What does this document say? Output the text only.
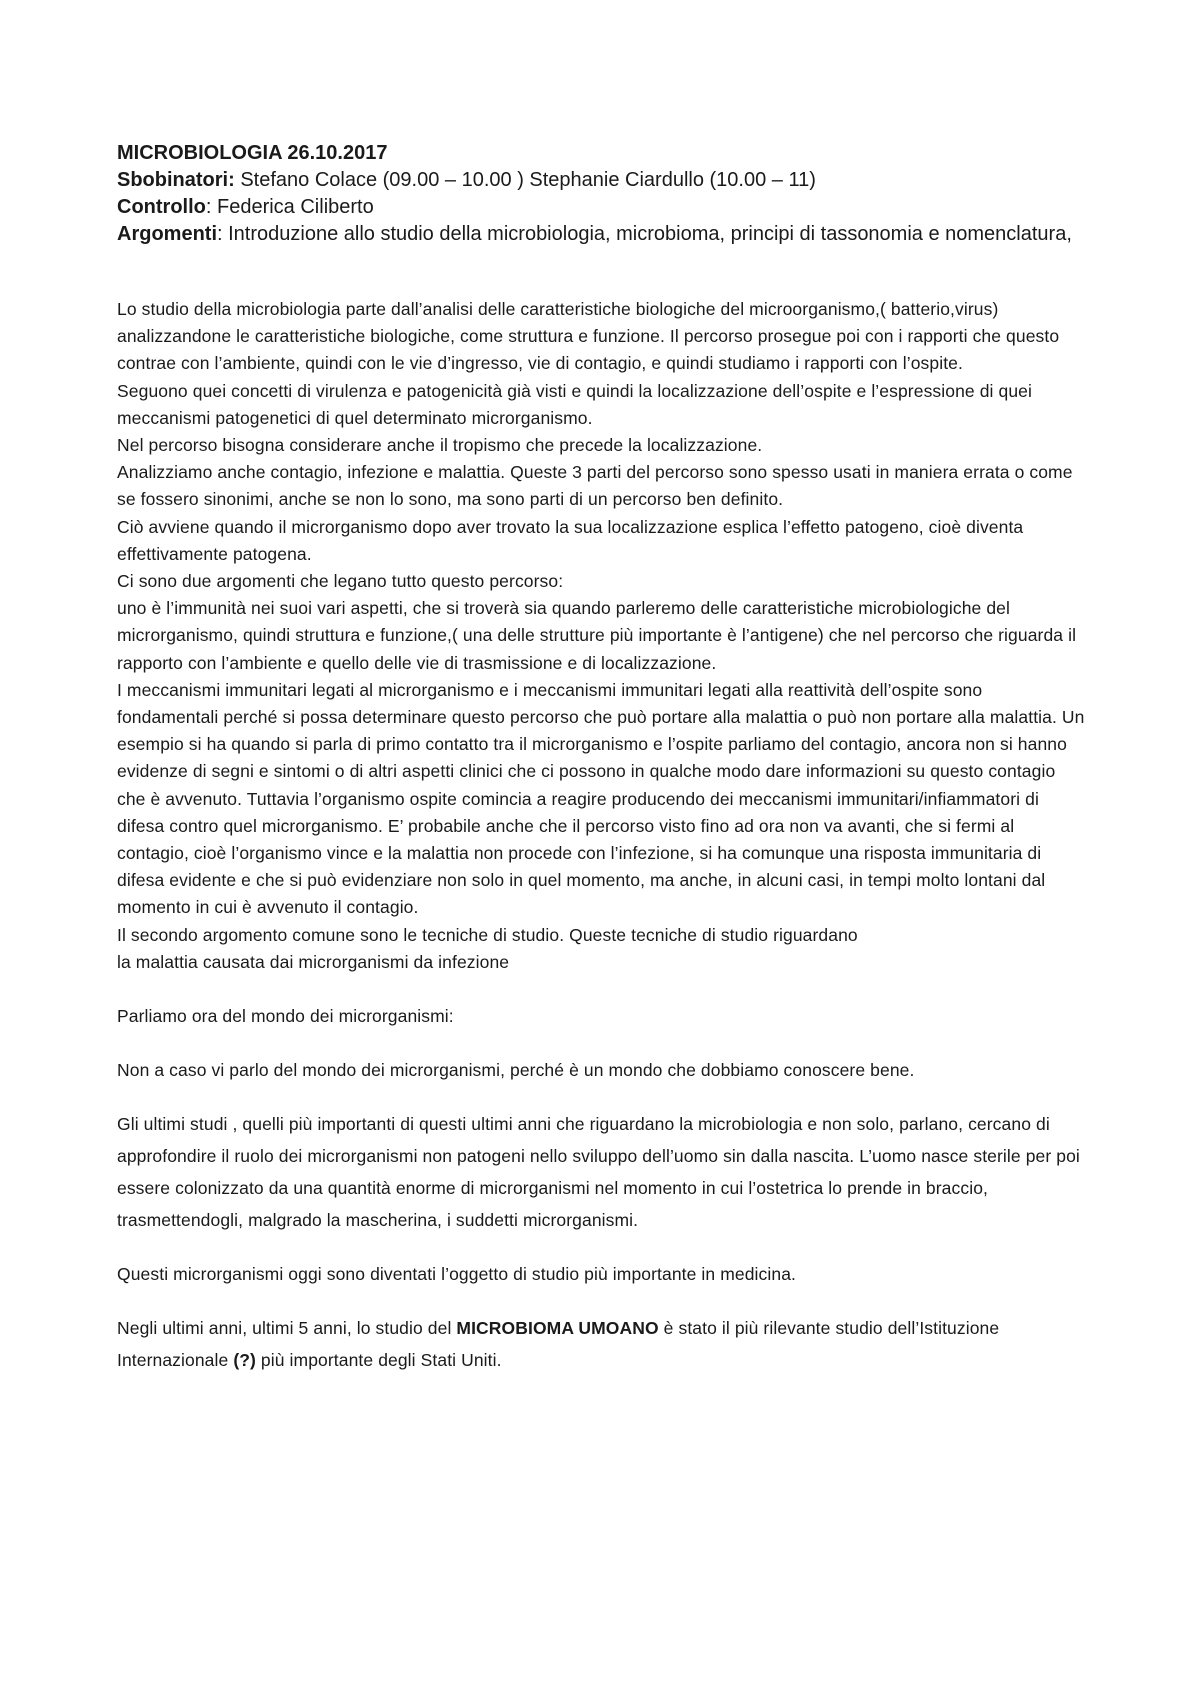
MICROBIOLOGIA 26.10.2017
Sbobinatori: Stefano Colace (09.00 – 10.00 ) Stephanie Ciardullo (10.00 – 11)
Controllo: Federica Ciliberto
Argomenti: Introduzione allo studio della microbiologia, microbioma, principi di tassonomia e nomenclatura,

Lo studio della microbiologia parte dall’analisi delle caratteristiche biologiche del microorganismo,( batterio,virus) analizzandone le caratteristiche biologiche, come struttura e funzione. Il percorso prosegue poi con i rapporti che questo contrae con l’ambiente, quindi con le vie d’ingresso, vie di contagio, e quindi studiamo i rapporti con l’ospite.

Seguono quei concetti di virulenza e patogenicità già visti e quindi la localizzazione dell’ospite e l’espressione di quei meccanismi patogenetici di quel determinato microrganismo.

Nel percorso bisogna considerare anche il tropismo che precede la localizzazione.

Analizziamo anche contagio, infezione e malattia. Queste 3 parti del percorso sono spesso usati in maniera errata o come se fossero sinonimi, anche se non lo sono, ma sono parti di un percorso ben definito.

Ciò avviene quando il microrganismo dopo aver trovato la sua localizzazione esplica l’effetto patogeno, cioè diventa effettivamente patogena.

Ci sono due argomenti che legano tutto questo percorso:

uno è l’immunità nei suoi vari aspetti, che si troverà sia quando parleremo delle caratteristiche microbiologiche del microrganismo, quindi struttura e funzione,( una delle strutture più importante è l’antigene) che nel percorso che riguarda il rapporto con l’ambiente e quello delle vie di trasmissione e di localizzazione.

I meccanismi immunitari legati al microrganismo e i meccanismi immunitari legati alla reattività dell’ospite sono fondamentali perché si possa determinare questo percorso che può portare alla malattia o può non portare alla malattia. Un esempio si ha quando si parla di primo contatto tra il microrganismo e l’ospite parliamo del contagio, ancora non si hanno evidenze di segni e sintomi o di altri aspetti clinici che ci possono in qualche modo dare informazioni su questo contagio che è avvenuto. Tuttavia l’organismo ospite comincia a reagire producendo dei meccanismi immunitari/infiammatori di difesa contro quel microrganismo. E’ probabile anche che il percorso visto fino ad ora non va avanti, che si fermi al contagio, cioè l’organismo vince e la malattia non procede con l’infezione, si ha comunque una risposta immunitaria di difesa evidente e che si può evidenziare non solo in quel momento, ma anche, in alcuni casi, in tempi molto lontani dal momento in cui è avvenuto il contagio.

Il secondo argomento comune sono le tecniche di studio. Queste tecniche di studio riguardano

la malattia causata dai microrganismi da infezione

Parliamo ora del mondo dei microrganismi:

Non a caso vi parlo del mondo dei microrganismi, perché è un mondo che dobbiamo conoscere bene.

Gli ultimi studi , quelli più importanti di questi ultimi anni che riguardano la microbiologia e non solo, parlano, cercano di approfondire il ruolo dei microrganismi non patogeni nello sviluppo dell’uomo sin dalla nascita. L’uomo nasce sterile per poi essere colonizzato da una quantità enorme di microrganismi nel momento in cui l’ostetrica lo prende in braccio, trasmettendogli, malgrado la mascherina, i suddetti microrganismi.

Questi microrganismi oggi sono diventati l’oggetto di studio più importante in medicina.

Negli ultimi anni, ultimi 5 anni, lo studio del MICROBIOMA UMOANO è stato il più rilevante studio dell’Istituzione Internazionale (?) più importante degli Stati Uniti.
